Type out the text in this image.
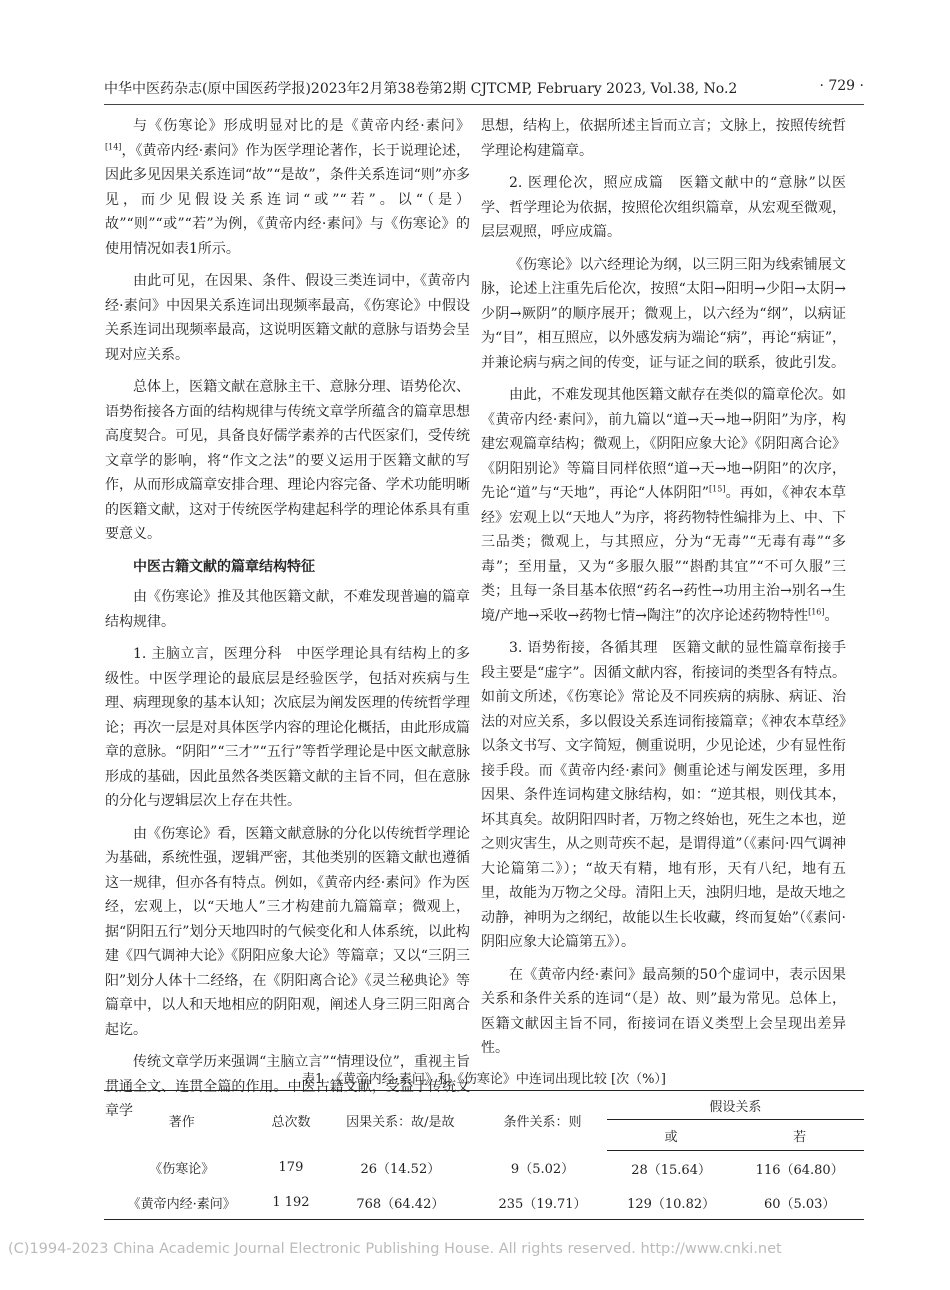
中华中医药杂志(原中国医药学报)2023年2月第38卷第2期 CJTCMP, February 2023, Vol.38, No.2	· 729 ·

与《伤寒论》形成明显对比的是《黄帝内经·素问》[14]，《黄帝内经·素问》作为医学理论著作，长于说理论述，因此多见因果关系连词“故”“是故”，条件关系连词“则”亦多见，而少见假设关系连词“或”“若”。以“（是）故”“则”“或”“若”为例，《黄帝内经·素问》与《伤寒论》的使用情况如表1所示。

由此可见，在因果、条件、假设三类连词中，《黄帝内经·素问》中因果关系连词出现频率最高，《伤寒论》中假设关系连词出现频率最高，这说明医籍文献的意脉与语势会呈现对应关系。

总体上，医籍文献在意脉主干、意脉分理、语势伦次、语势衔接各方面的结构规律与传统文章学所蕴含的篇章思想高度契合。可见，具备良好儒学素养的古代医家们，受传统文章学的影响，将“作文之法”的要义运用于医籍文献的写作，从而形成篇章安排合理、理论内容完备、学术功能明晰的医籍文献，这对于传统医学构建起科学的理论体系具有重要意义。

中医古籍文献的篇章结构特征

由《伤寒论》推及其他医籍文献，不难发现普遍的篇章结构规律。

1. 主脑立言，医理分科　中医学理论具有结构上的多级性。中医学理论的最底层是经验医学，包括对疾病与生理、病理现象的基本认知；次底层为阐发医理的传统哲学理论；再次一层是对具体医学内容的理论化概括，由此形成篇章的意脉。“阴阳”“三才”“五行”等哲学理论是中医文献意脉形成的基础，因此虽然各类医籍文献的主旨不同，但在意脉的分化与逻辑层次上存在共性。

由《伤寒论》看，医籍文献意脉的分化以传统哲学理论为基础，系统性强，逻辑严密，其他类别的医籍文献也遵循这一规律，但亦各有特点。例如，《黄帝内经·素问》作为医经，宏观上，以“天地人”三才构建前九篇篇章；微观上，据“阴阳五行”划分天地四时的气候变化和人体系统，以此构建《四气调神大论》《阴阳应象大论》等篇章；又以“三阴三阳”划分人体十二经络，在《阴阳离合论》《灵兰秘典论》等篇章中，以人和天地相应的阴阳观，阐述人身三阴三阳离合起讫。

传统文章学历来强调“主脑立言”“情理设位”，重视主旨贯通全文、连贯全篇的作用。中医古籍文献，受益于传统文章学

思想，结构上，依据所述主旨而立言；文脉上，按照传统哲学理论构建篇章。

2. 医理伦次，照应成篇　医籍文献中的“意脉”以医学、哲学理论为依据，按照伦次组织篇章，从宏观至微观，层层观照，呼应成篇。

《伤寒论》以六经理论为纲，以三阴三阳为线索铺展文脉，论述上注重先后伦次，按照“太阳→阳明→少阳→太阴→少阴→厥阴”的顺序展开；微观上，以六经为“纲”，以病证为“目”，相互照应，以外感发病为端论“病”，再论“病证”，并兼论病与病之间的传变，证与证之间的联系，彼此引发。

由此，不难发现其他医籍文献存在类似的篇章伦次。如《黄帝内经·素问》，前九篇以“道→天→地→阴阳”为序，构建宏观篇章结构；微观上，《阴阳应象大论》《阴阳离合论》《阴阳别论》等篇目同样依照“道→天→地→阴阳”的次序，先论“道”与“天地”，再论“人体阴阳”[15]。再如，《神农本草经》宏观上以“天地人”为序，将药物特性编排为上、中、下三品类；微观上，与其照应，分为“无毒”“无毒有毒”“多毒”；至用量，又为“多服久服”“斟酌其宜”“不可久服”三类；且每一条目基本依照“药名→药性→功用主治→别名→生境/产地→采收→药物七情→陶注”的次序论述药物特性[16]。

3. 语势衔接，各循其理　医籍文献的显性篇章衔接手段主要是“虚字”。因循文献内容，衔接词的类型各有特点。如前文所述，《伤寒论》常论及不同疾病的病脉、病证、治法的对应关系，多以假设关系连词衔接篇章；《神农本草经》以条文书写、文字简短，侧重说明，少见论述，少有显性衔接手段。而《黄帝内经·素问》侧重论述与阐发医理，多用因果、条件连词构建文脉结构，如：“逆其根，则伐其本，坏其真矣。故阴阳四时者，万物之终始也，死生之本也，逆之则灾害生，从之则苛疾不起，是谓得道”（《素问·四气调神大论篇第二》）；“故天有精，地有形，天有八纪，地有五里，故能为万物之父母。清阳上天，浊阴归地，是故天地之动静，神明为之纲纪，故能以生长收藏，终而复始”（《素问·阴阳应象大论篇第五》）。

在《黄帝内经·素问》最高频的50个虚词中，表示因果关系和条件关系的连词“（是）故、则”最为常见。总体上，医籍文献因主旨不同，衔接词在语义类型上会呈现出差异性。

表1　《黄帝内经·素问》和《伤寒论》中连词出现比较 [次（%）]
著作	总次数	因果关系：故/是故	条件关系：则	假设关系	
				或	若
《伤寒论》	179	26（14.52）	9（5.02）	28（15.64）	116（64.80）
《黄帝内经·素问》	1 192	768（64.42）	235（19.71）	129（10.82）	60（5.03）
(C)1994-2023 China Academic Journal Electronic Publishing House. All rights reserved. http://www.cnki.net
